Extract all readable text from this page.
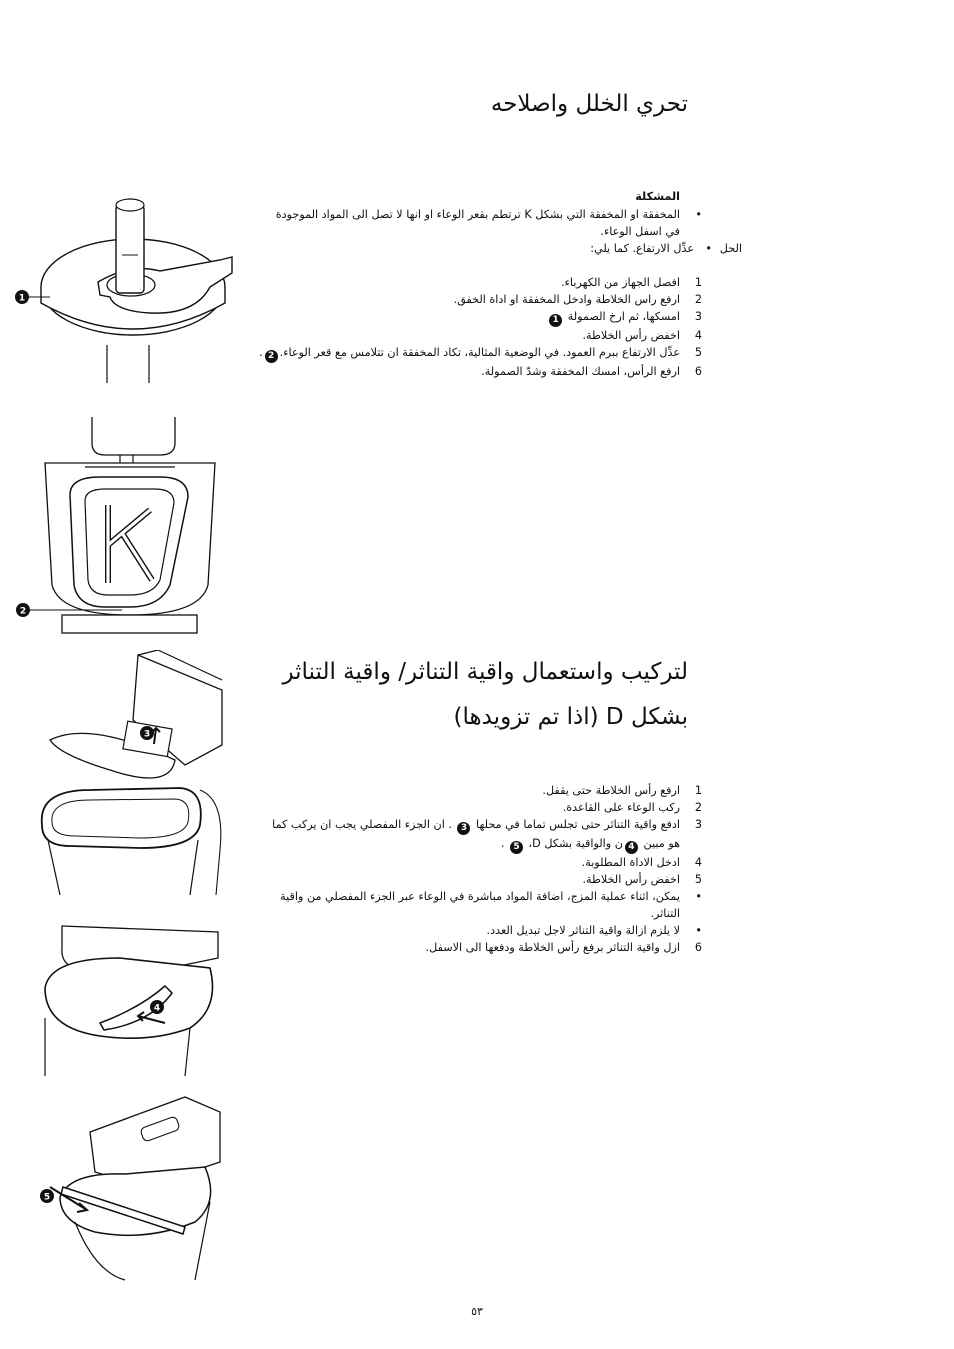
1
2
3
4
5
تحري الخلل واصلاحه
المشكلة
•
المخفقة او المخفقة التي بشكل K ترتطم بقعر الوعاء او انها لا تصل الى المواد الموجودة
في اسفل الوعاء.
الحل
•
عدِّل الارتفاع. كما يلي:
1
افصل الجهاز من الكهرباء.
2
ارفع راس الخلاطة وادخل المخفقة او اداة الخفق.
3
امسكها، ثم ارخ الصمولة 1
4
اخفض رأس الخلاطة.
5
عدِّل الارتفاع ببرم العمود. في الوضعية المثالية، تكاد المخفقة ان تتلامس مع قعر الوعاء.2.
6
ارفع الرأس، امسك المخفقة وشدّ الصمولة.
لتركيب واستعمال واقية التناثر/ واقية التناثر
بشكل D (اذا تم تزويدها)
1
ارفع رأس الخلاطة حتى يقفل.
2
ركب الوعاء على القاعدة.
3
ادفع واقية التناثر حتى تجلس تماما في محلها 3 . ان الجزء المفصلي يجب ان يركب كما
هو مبين 4ن والواقية بشكل D، 5 .
4
ادخل الاداة المطلوبة.
5
اخفض رأس الخلاطة.
•
يمكن، اثناء عملية المزج، اضافة المواد مباشرة في الوعاء عبر الجزء المفصلي من واقية
التناثر.
•
لا يلزم ازالة واقية التناثر لاجل تبديل العدد.
6
ازل واقية التناثر برفع رأس الخلاطة ودفعها الى الاسفل.
٥٣
